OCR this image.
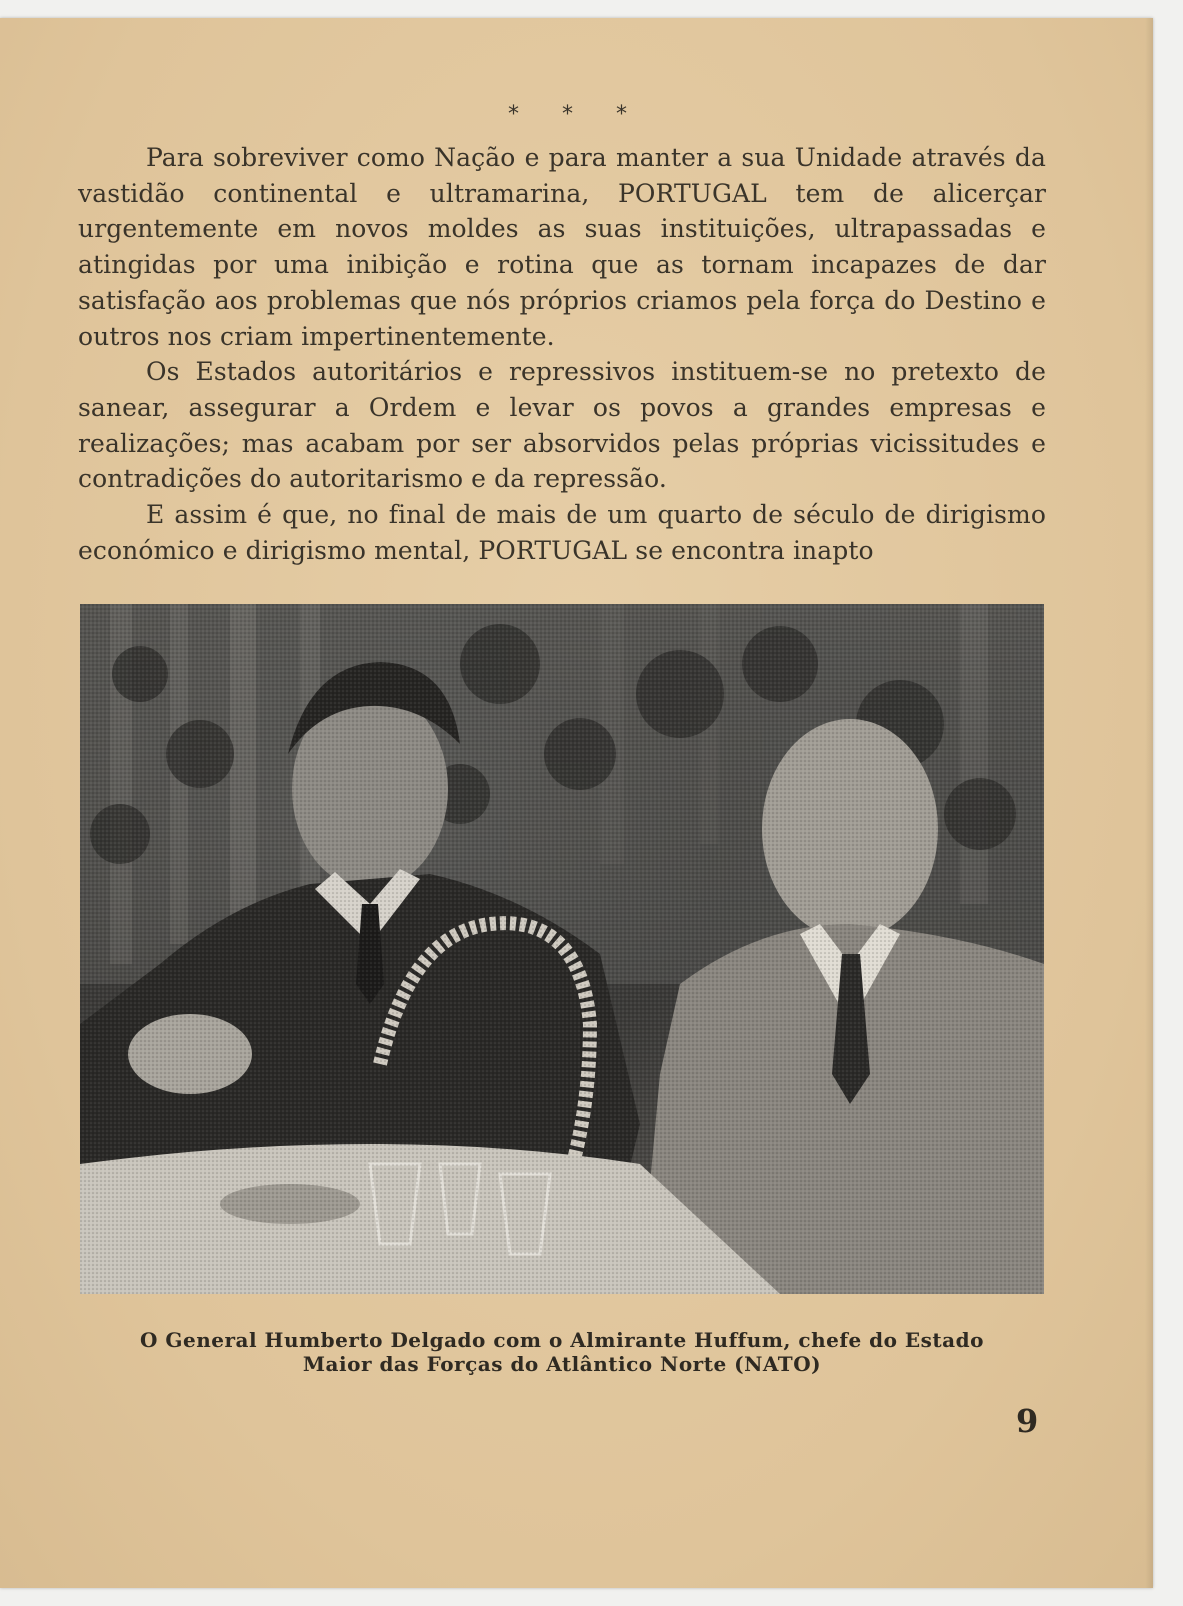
* * *

Para sobreviver como Nação e para manter a sua Unidade através da vastidão continental e ultramarina, PORTUGAL tem de alicerçar urgentemente em novos moldes as suas instituições, ultrapassadas e atingidas por uma inibição e rotina que as tornam incapazes de dar satisfação aos problemas que nós próprios criamos pela força do Destino e outros nos criam impertinentemente.

Os Estados autoritários e repressivos instituem-se no pretexto de sanear, assegurar a Ordem e levar os povos a grandes empresas e realizações; mas acabam por ser absorvidos pelas próprias vicissitudes e contradições do autoritarismo e da repressão.

E assim é que, no final de mais de um quarto de século de dirigismo económico e dirigismo mental, PORTUGAL se encontra inapto

O General Humberto Delgado com o Almirante Huffum, chefe do Estado
Maior das Forças do Atlântico Norte (NATO)
9
